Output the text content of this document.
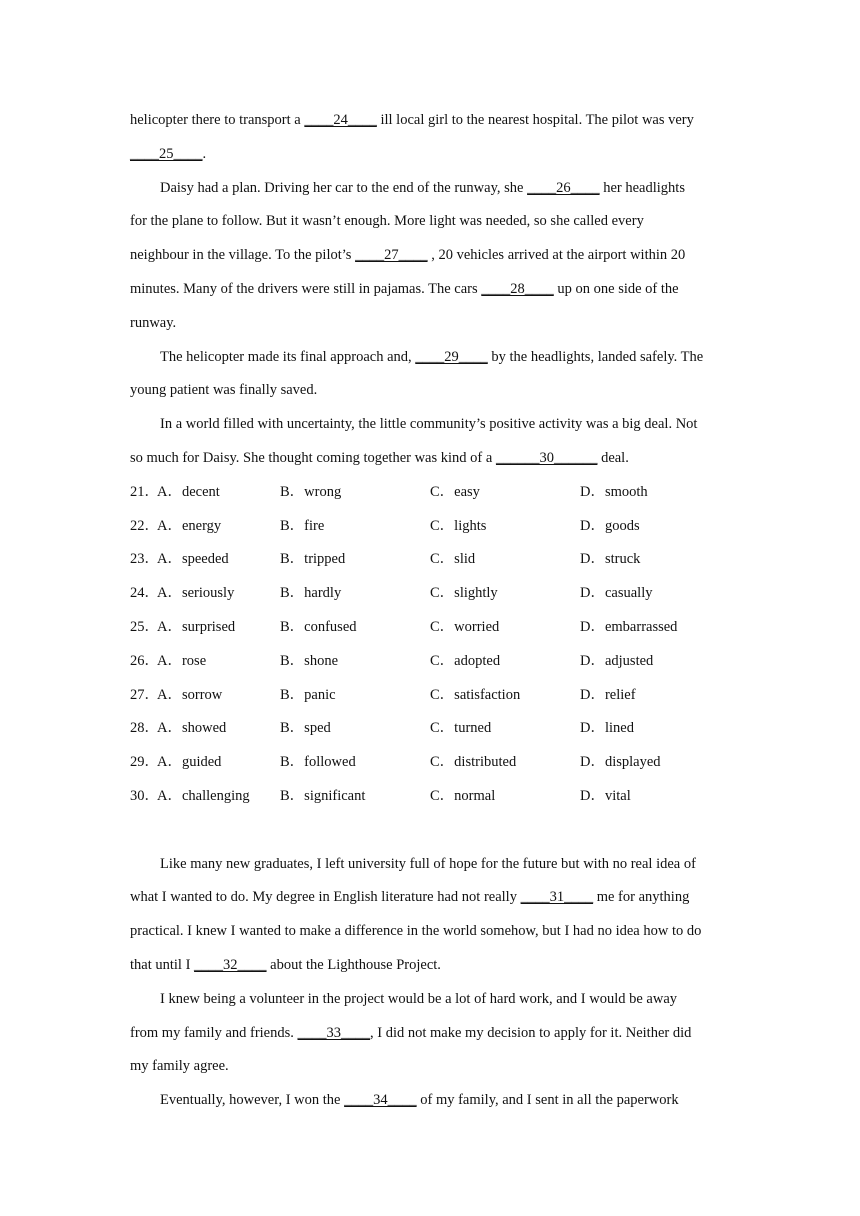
helicopter there to transport a ____24____ ill local girl to the nearest hospital. The pilot was very
____25____.
Daisy had a plan. Driving her car to the end of the runway, she ____26____ her headlights
for the plane to follow. But it wasn’t enough. More light was needed, so she called every
neighbour in the village. To the pilot’s ____27____ , 20 vehicles arrived at the airport within 20
minutes. Many of the drivers were still in pajamas. The cars ____28____ up on one side of the
runway.
The helicopter made its final approach and, ____29____ by the headlights, landed safely. The
young patient was finally saved.
In a world filled with uncertainty, the little community’s positive activity was a big deal. Not
so much for Daisy. She thought coming together was kind of a ______30______ deal.
21．
A．decent	B．wrong	C．easy	D．smooth
22．
A．energy	B．fire	C．lights	D．goods
23．
A．speeded	B．tripped	C．slid	D．struck
24．
A．seriously	B．hardly	C．slightly	D．casually
25．
A．surprised	B．confused	C．worried	D．embarrassed
26．
A．rose	B．shone	C．adopted	D．adjusted
27．
A．sorrow	B．panic	C．satisfaction	D．relief
28．
A．showed	B．sped	C．turned	D．lined
29．
A．guided	B．followed	C．distributed	D．displayed
30．
A．challenging	B．significant	C．normal	D．vital
Like many new graduates, I left university full of hope for the future but with no real idea of
what I wanted to do. My degree in English literature had not really ____31____ me for anything
practical. I knew I wanted to make a difference in the world somehow, but I had no idea how to do
that until I ____32____ about the Lighthouse Project.
I knew being a volunteer in the project would be a lot of hard work, and I would be away
from my family and friends. ____33____, I did not make my decision to apply for it. Neither did
my family agree.
Eventually, however, I won the ____34____ of my family, and I sent in all the paperwork
